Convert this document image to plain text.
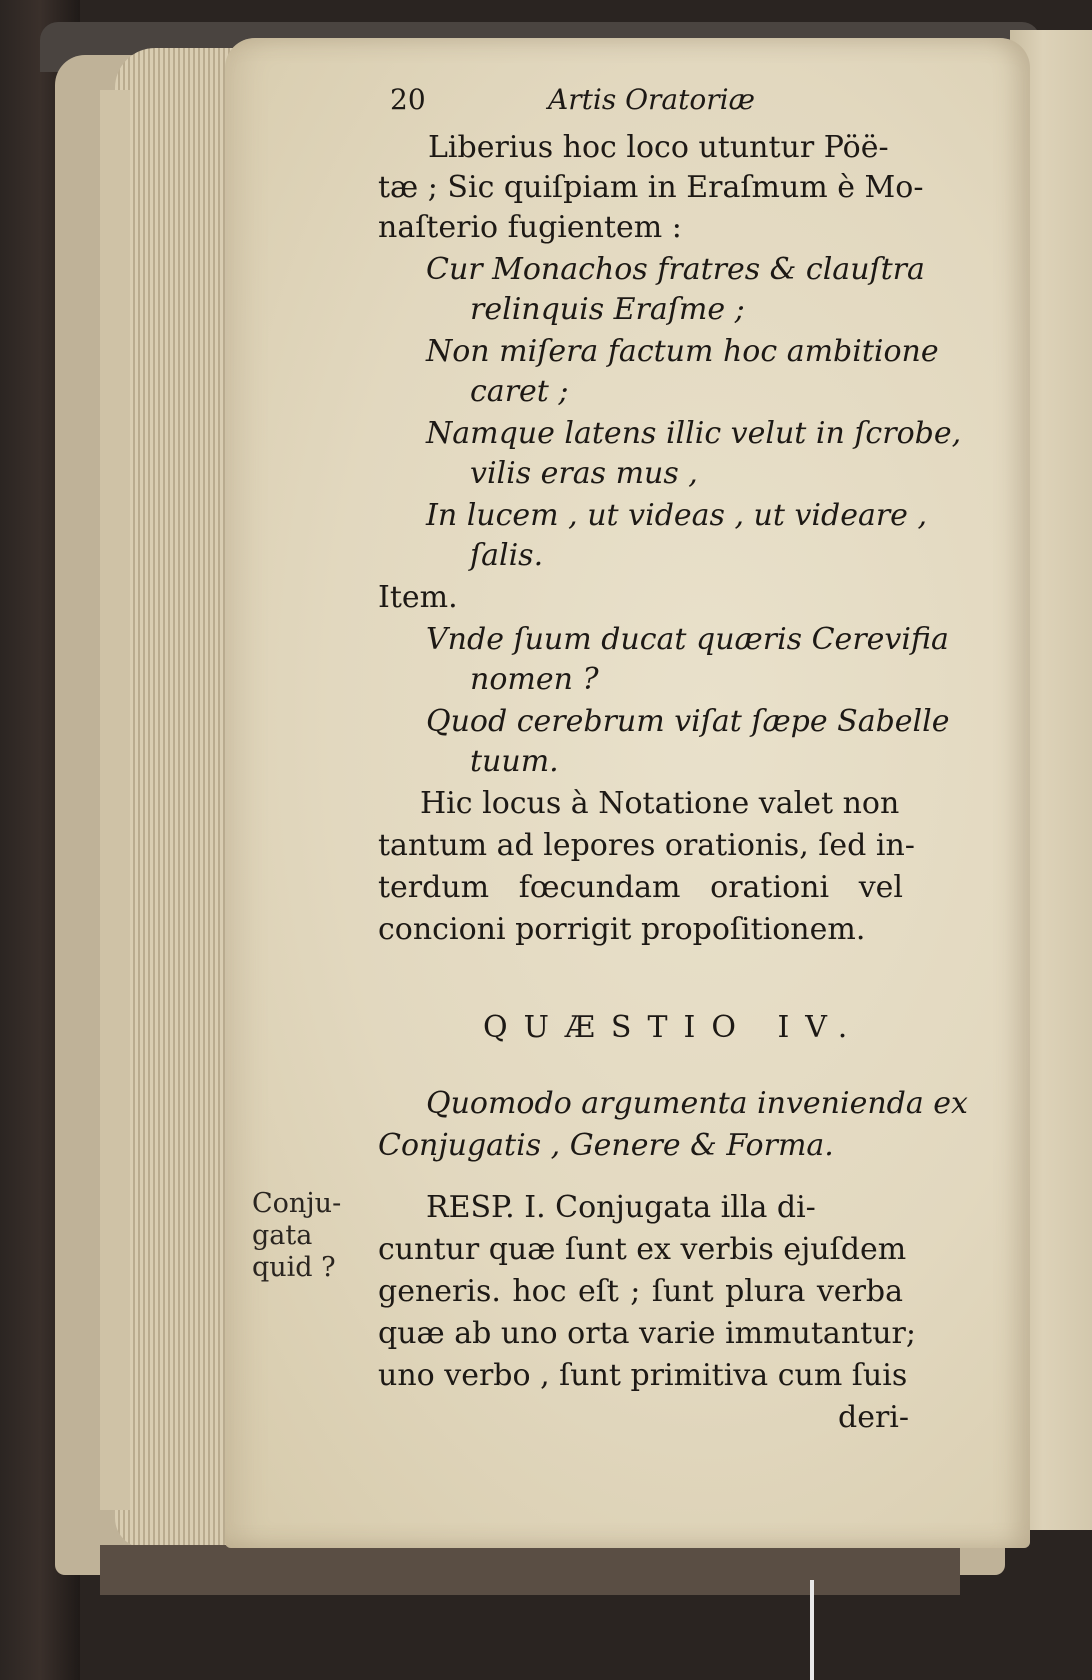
20	Artis Oratoriæ
Liberius hoc loco utuntur Pöë-
tæ ; Sic quiſpiam in Eraſmum è Mo-
naſterio fugientem :
Cur Monachos fratres & clauſtra
relinquis Eraſme ;
Non miſera factum hoc ambitione
caret ;
Namque latens illic velut in ſcrobe,
vilis eras mus ,
In lucem , ut videas , ut videare ,
ſalis.
Item.
Vnde ſuum ducat quæris Cerevifia
nomen ?
Quod cerebrum viſat ſæpe Sabelle
tuum.
Hic locus à Notatione valet non
tantum ad lepores orationis, ſed in-
terdum fœcundam orationi vel
concioni porrigit propoſitionem.
QUÆSTIO IV.
Quomodo argumenta invenienda ex
Conjugatis , Genere & Forma.
RESP. I. Conjugata illa di-
cuntur quæ ſunt ex verbis ejuſdem
generis. hoc eſt ; ſunt plura verba
quæ ab uno orta varie immutantur;
uno verbo , ſunt primitiva cum ſuis
deri-
Conju-
gata
quid ?
